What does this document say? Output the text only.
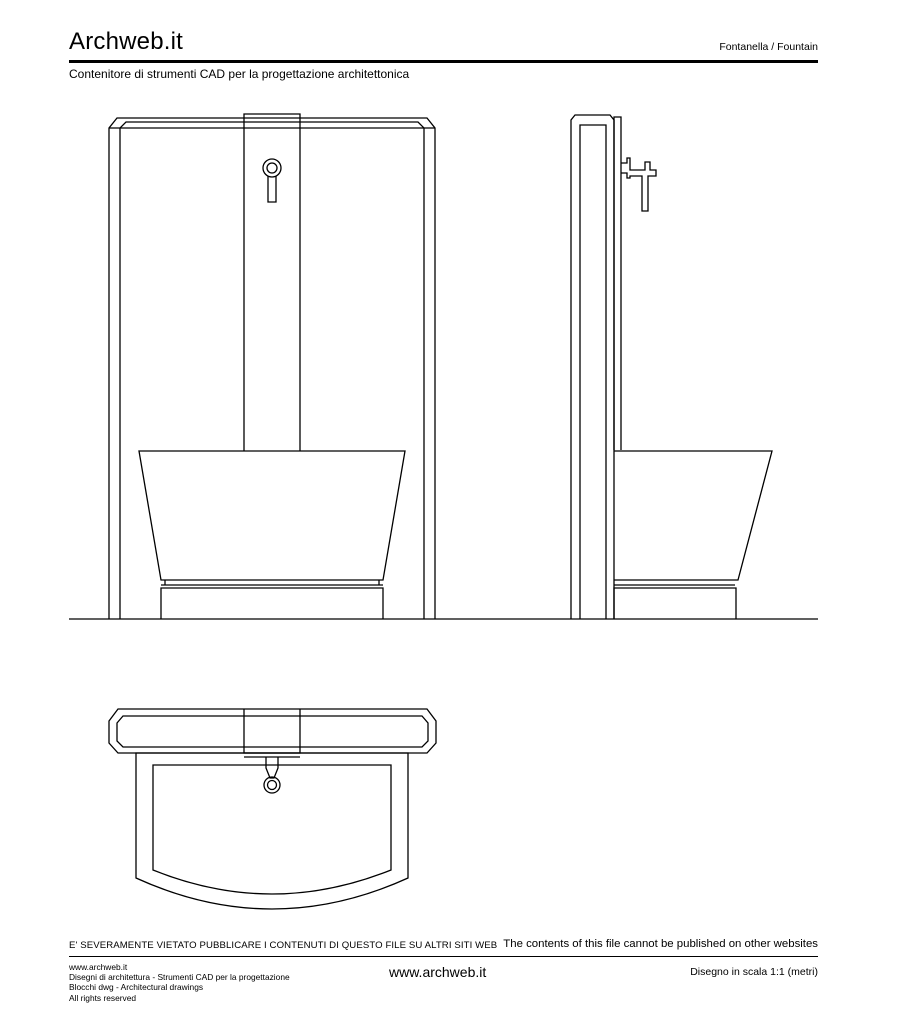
Archweb.it	Fontanella / Fountain
Contenitore di strumenti CAD per la progettazione architettonica
E' SEVERAMENTE VIETATO PUBBLICARE I CONTENUTI DI QUESTO FILE SU ALTRI SITI WEB The contents of this file cannot be published on other websites
www.archweb.it
Disegni di architettura - Strumenti CAD per la progettazione
Blocchi dwg - Architectural drawings
All rights reserved
www.archweb.it	Disegno in scala 1:1 (metri)
